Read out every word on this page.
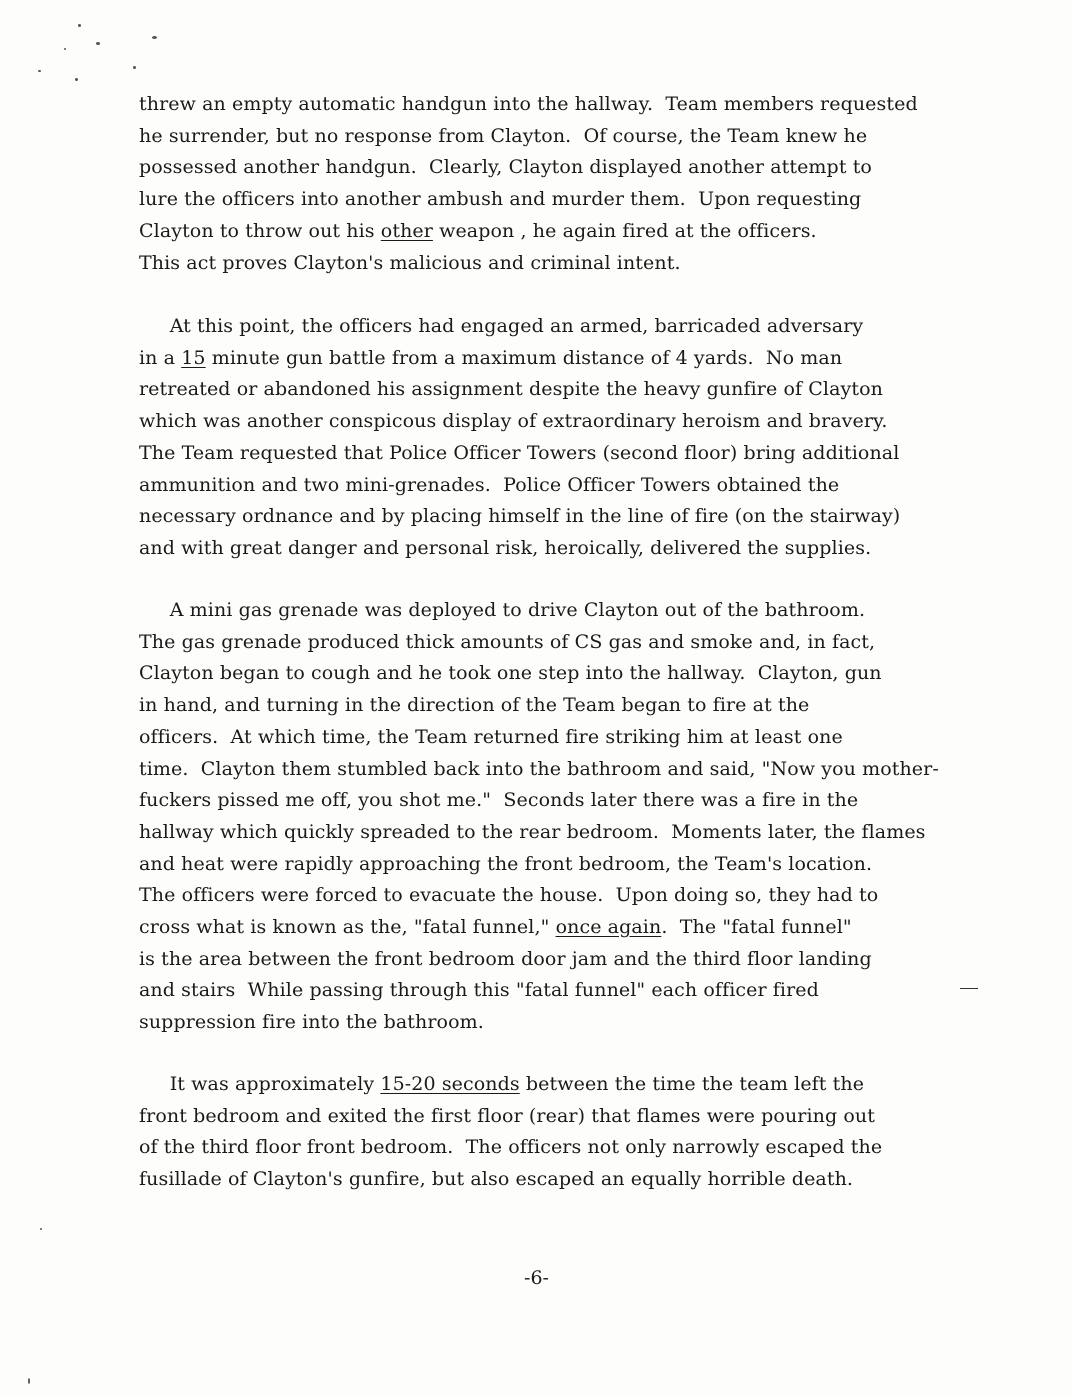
threw an empty automatic handgun into the hallway.  Team members requested
he surrender, but no response from Clayton.  Of course, the Team knew he
possessed another handgun.  Clearly, Clayton displayed another attempt to
lure the officers into another ambush and murder them.  Upon requesting
Clayton to throw out his other weapon , he again fired at the officers.
This act proves Clayton's malicious and criminal intent.
At this point, the officers had engaged an armed, barricaded adversary
in a 15 minute gun battle from a maximum distance of 4 yards.  No man
retreated or abandoned his assignment despite the heavy gunfire of Clayton
which was another conspicous display of extraordinary heroism and bravery.
The Team requested that Police Officer Towers (second floor) bring additional
ammunition and two mini-grenades.  Police Officer Towers obtained the
necessary ordnance and by placing himself in the line of fire (on the stairway)
and with great danger and personal risk, heroically, delivered the supplies.
A mini gas grenade was deployed to drive Clayton out of the bathroom.
The gas grenade produced thick amounts of CS gas and smoke and, in fact,
Clayton began to cough and he took one step into the hallway.  Clayton, gun
in hand, and turning in the direction of the Team began to fire at the
officers.  At which time, the Team returned fire striking him at least one
time.  Clayton them stumbled back into the bathroom and said, "Now you mother-
fuckers pissed me off, you shot me."  Seconds later there was a fire in the
hallway which quickly spreaded to the rear bedroom.  Moments later, the flames
and heat were rapidly approaching the front bedroom, the Team's location.
The officers were forced to evacuate the house.  Upon doing so, they had to
cross what is known as the, "fatal funnel," once again.  The "fatal funnel"
is the area between the front bedroom door jam and the third floor landing
and stairs  While passing through this "fatal funnel" each officer fired
suppression fire into the bathroom.
It was approximately 15-20 seconds between the time the team left the
front bedroom and exited the first floor (rear) that flames were pouring out
of the third floor front bedroom.  The officers not only narrowly escaped the
fusillade of Clayton's gunfire, but also escaped an equally horrible death.
-6-
